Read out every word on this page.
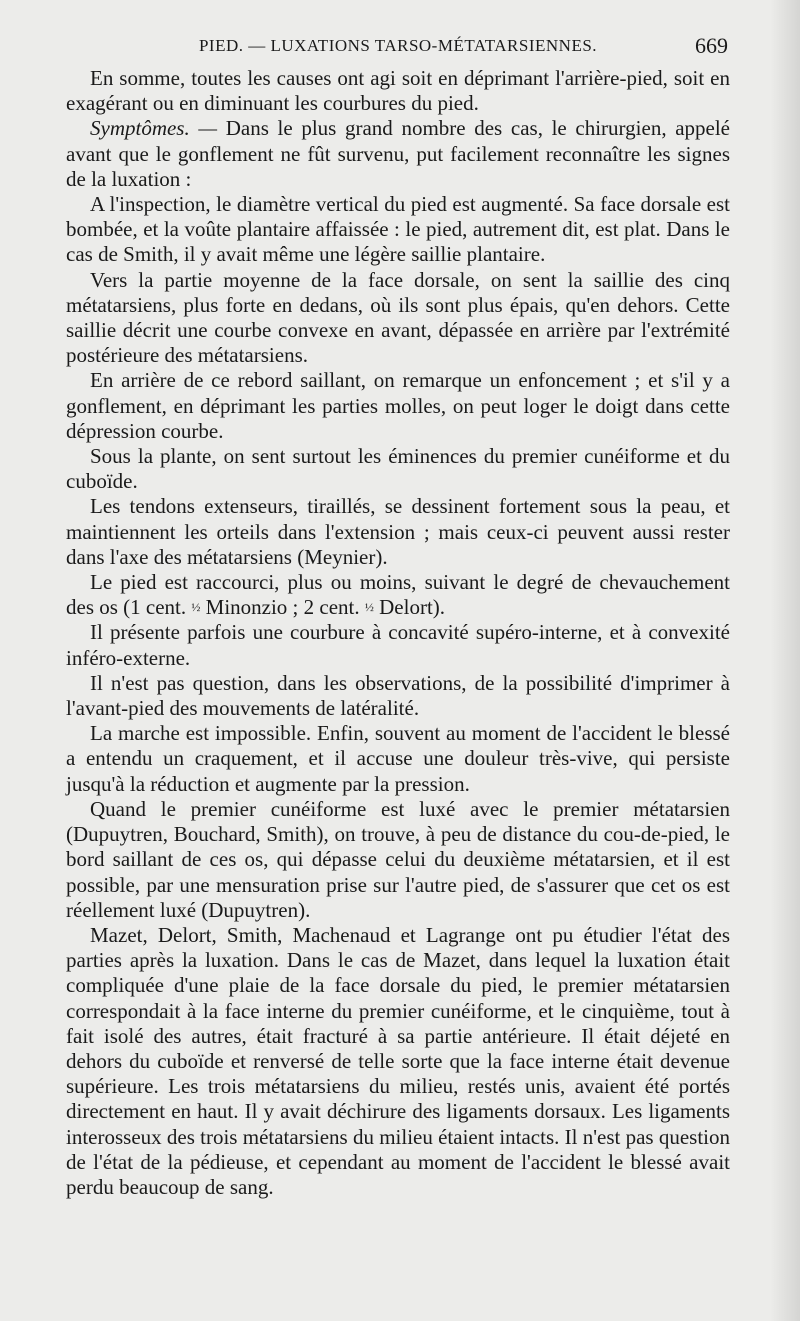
PIED. — LUXATIONS TARSO-MÉTATARSIENNES.	669

En somme, toutes les causes ont agi soit en déprimant l'arrière-pied, soit en exagérant ou en diminuant les courbures du pied.

Symptômes. — Dans le plus grand nombre des cas, le chirurgien, appelé avant que le gonflement ne fût survenu, put facilement reconnaître les signes de la luxation :

A l'inspection, le diamètre vertical du pied est augmenté. Sa face dorsale est bombée, et la voûte plantaire affaissée : le pied, autrement dit, est plat. Dans le cas de Smith, il y avait même une légère saillie plantaire.

Vers la partie moyenne de la face dorsale, on sent la saillie des cinq métatarsiens, plus forte en dedans, où ils sont plus épais, qu'en dehors. Cette saillie décrit une courbe convexe en avant, dépassée en arrière par l'extrémité postérieure des métatarsiens.

En arrière de ce rebord saillant, on remarque un enfoncement ; et s'il y a gonflement, en déprimant les parties molles, on peut loger le doigt dans cette dépression courbe.

Sous la plante, on sent surtout les éminences du premier cunéiforme et du cuboïde.

Les tendons extenseurs, tiraillés, se dessinent fortement sous la peau, et maintiennent les orteils dans l'extension ; mais ceux-ci peuvent aussi rester dans l'axe des métatarsiens (Meynier).

Le pied est raccourci, plus ou moins, suivant le degré de chevauchement des os (1 cent. ½ Minonzio ; 2 cent. ½ Delort).

Il présente parfois une courbure à concavité supéro-interne, et à convexité inféro-externe.

Il n'est pas question, dans les observations, de la possibilité d'imprimer à l'avant-pied des mouvements de latéralité.

La marche est impossible. Enfin, souvent au moment de l'accident le blessé a entendu un craquement, et il accuse une douleur très-vive, qui persiste jusqu'à la réduction et augmente par la pression.

Quand le premier cunéiforme est luxé avec le premier métatarsien (Dupuytren, Bouchard, Smith), on trouve, à peu de distance du cou-de-pied, le bord saillant de ces os, qui dépasse celui du deuxième métatarsien, et il est possible, par une mensuration prise sur l'autre pied, de s'assurer que cet os est réellement luxé (Dupuytren).

Mazet, Delort, Smith, Machenaud et Lagrange ont pu étudier l'état des parties après la luxation. Dans le cas de Mazet, dans lequel la luxation était compliquée d'une plaie de la face dorsale du pied, le premier métatarsien correspondait à la face interne du premier cunéiforme, et le cinquième, tout à fait isolé des autres, était fracturé à sa partie antérieure. Il était déjeté en dehors du cuboïde et renversé de telle sorte que la face interne était devenue supérieure. Les trois métatarsiens du milieu, restés unis, avaient été portés directement en haut. Il y avait déchirure des ligaments dorsaux. Les ligaments interosseux des trois métatarsiens du milieu étaient intacts. Il n'est pas question de l'état de la pédieuse, et cependant au moment de l'accident le blessé avait perdu beaucoup de sang.
